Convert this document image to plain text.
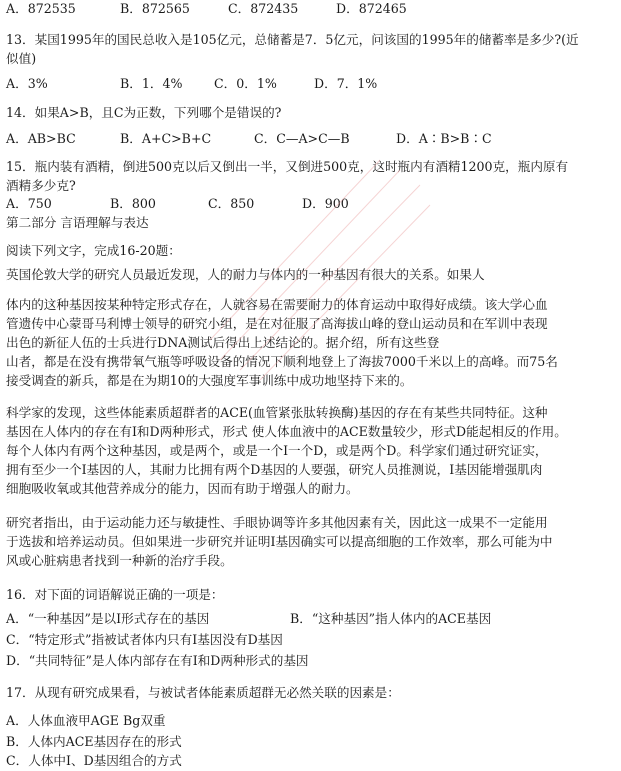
A．872535	B．872565	C．872435	D．872465
13．某国1995年的国民总收入是105亿元，总储蓄是7．5亿元，问该国的1995年的储蓄率是多少?(近
似值)
A．3%	B．1．4%	C．0．1%	D．7．1%
14．如果A>B，且C为正数，下列哪个是错误的?
A．AB>BC	B．A+C>B+C	C．C—A>C—B	D．A∶B>B∶C
15．瓶内装有酒精，倒进500克以后又倒出一半，又倒进500克，这时瓶内有酒精1200克，瓶内原有
酒精多少克?
A．750	B．800	C．850	D．900
第二部分 言语理解与表达
阅读下列文字，完成16-20题：
英国伦敦大学的研究人员最近发现，人的耐力与体内的一种基因有很大的关系。如果人
体内的这种基因按某种特定形式存在，人就容易在需要耐力的体育运动中取得好成绩。该大学心血
管遗传中心蒙哥马利博士领导的研究小组，是在对征服了高海拔山峰的登山运动员和在军训中表现
出色的新征人伍的士兵进行DNA测试后得出上述结论的。据介绍，所有这些登
山者，都是在没有携带氧气瓶等呼吸设备的情况下顺利地登上了海拔7000千米以上的高峰。而75名
接受调查的新兵，都是在为期10的大强度军事训练中成功地坚持下来的。
科学家的发现，这些体能素质超群者的ACE(血管紧张肽转换酶)基因的存在有某些共同特征。这种
基因在人体内的存在有I和D两种形式，形式 使人体血液中的ACE数量较少，形式D能起相反的作用。
每个人体内有两个这种基因，或是两个，或是一个I一个D，或是两个D。科学家们通过研究证实，
拥有至少一个I基因的人，其耐力比拥有两个D基因的人要强，研究人员推测说，I基因能增强肌肉
细胞吸收氧或其他营养成分的能力，因而有助于增强人的耐力。
研究者指出，由于运动能力还与敏捷性、手眼协调等许多其他因素有关，因此这一成果不一定能用
于选拔和培养运动员。但如果进一步研究并证明I基因确实可以提高细胞的工作效率，那么可能为中
风或心脏病患者找到一种新的治疗手段。
16．对下面的词语解说正确的一项是：
A．“一种基因”是以I形式存在的基因	B．“这种基因”指人体内的ACE基因
C．“特定形式”指被试者体内只有I基因没有D基因
D．“共同特征”是人体内部存在有I和D两种形式的基因
17．从现有研究成果看，与被试者体能素质超群无必然关联的因素是：
A．人体血液甲AGE Bg双重
B．人体内ACE基因存在的形式
C．人体中I、D基因组合的方式
